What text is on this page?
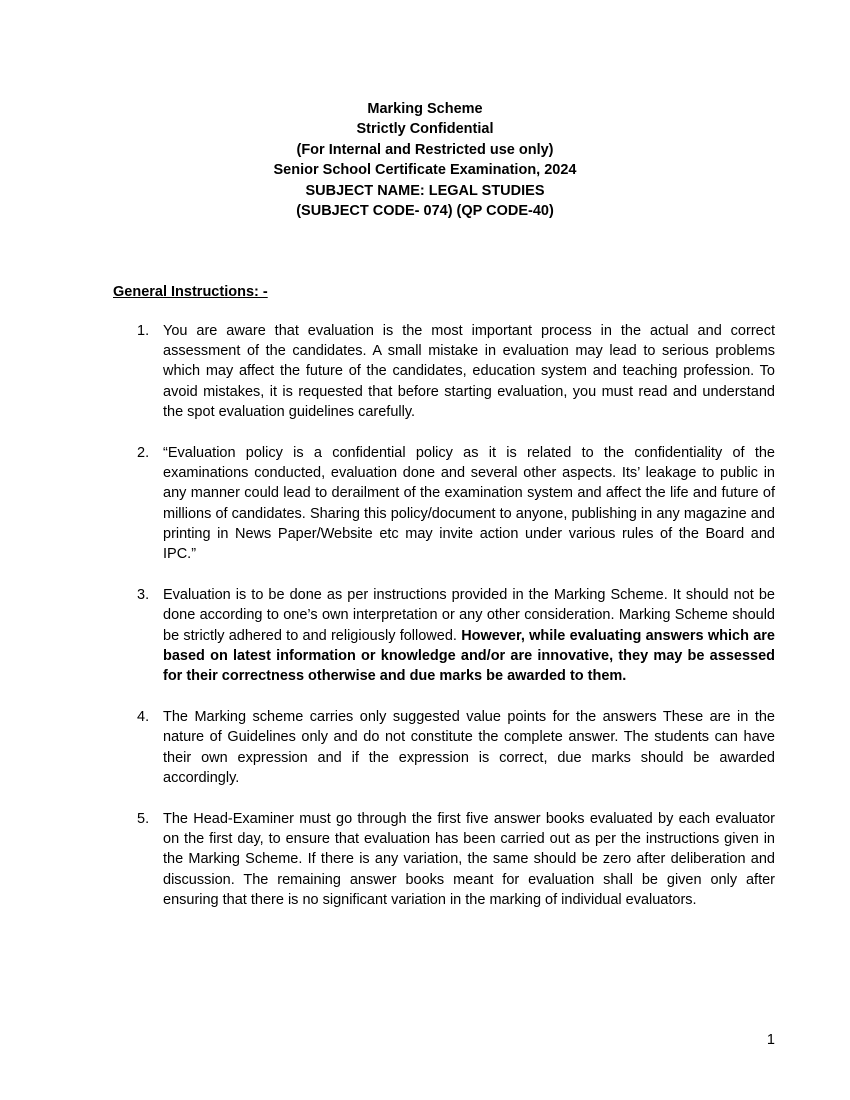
Marking Scheme
Strictly Confidential
(For Internal and Restricted use only)
Senior School Certificate Examination, 2024
SUBJECT NAME: LEGAL STUDIES
(SUBJECT CODE- 074) (QP CODE-40)
General Instructions: -
1. You are aware that evaluation is the most important process in the actual and correct assessment of the candidates. A small mistake in evaluation may lead to serious problems which may affect the future of the candidates, education system and teaching profession. To avoid mistakes, it is requested that before starting evaluation, you must read and understand the spot evaluation guidelines carefully.
2. “Evaluation policy is a confidential policy as it is related to the confidentiality of the examinations conducted, evaluation done and several other aspects. Its’ leakage to public in any manner could lead to derailment of the examination system and affect the life and future of millions of candidates. Sharing this policy/document to anyone, publishing in any magazine and printing in News Paper/Website etc may invite action under various rules of the Board and IPC.”
3. Evaluation is to be done as per instructions provided in the Marking Scheme. It should not be done according to one’s own interpretation or any other consideration. Marking Scheme should be strictly adhered to and religiously followed. However, while evaluating answers which are based on latest information or knowledge and/or are innovative, they may be assessed for their correctness otherwise and due marks be awarded to them.
4. The Marking scheme carries only suggested value points for the answers These are in the nature of Guidelines only and do not constitute the complete answer. The students can have their own expression and if the expression is correct, due marks should be awarded accordingly.
5. The Head-Examiner must go through the first five answer books evaluated by each evaluator on the first day, to ensure that evaluation has been carried out as per the instructions given in the Marking Scheme. If there is any variation, the same should be zero after deliberation and discussion. The remaining answer books meant for evaluation shall be given only after ensuring that there is no significant variation in the marking of individual evaluators.
1
